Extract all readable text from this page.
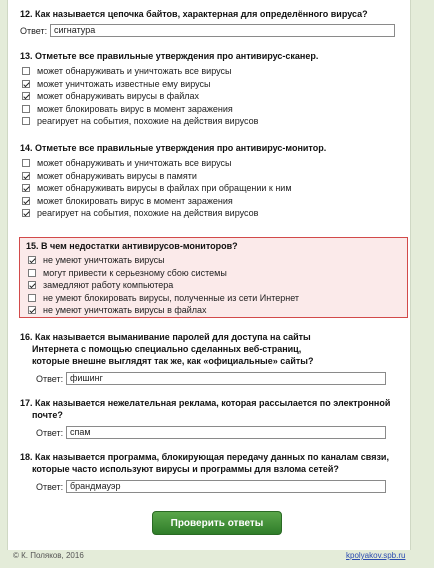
12. Как называется цепочка байтов, характерная для определённого вируса?
Ответ:
сигнатура
13. Отметьте все правильные утверждения про антивирус-сканер.
может обнаруживать и уничтожать все вирусы
может уничтожать известные ему вирусы
может обнаруживать вирусы в файлах
может блокировать вирус в момент заражения
реагирует на события, похожие на действия вирусов
14. Отметьте все правильные утверждения про антивирус-монитор.
может обнаруживать и уничтожать все вирусы
может обнаруживать вирусы в памяти
может обнаруживать вирусы в файлах при обращении к ним
может блокировать вирус в момент заражения
реагирует на события, похожие на действия вирусов
15. В чем недостатки антивирусов-мониторов?
не умеют уничтожать вирусы
могут привести к серьезному сбою системы
замедляют работу компьютера
не умеют блокировать вирусы, полученные из сети Интернет
не умеют уничтожать вирусы в файлах
16. Как называется выманивание паролей для доступа на сайты
Интернета с помощью специально сделанных веб-страниц,
которые внешне выглядят так же, как «официальные» сайты?
Ответ:
фишинг
17. Как называется нежелательная реклама, которая рассылается по электронной
почте?
Ответ:
спам
18. Как называется программа, блокирующая передачу данных по каналам связи,
которые часто используют вирусы и программы для взлома сетей?
Ответ:
брандмауэр
Проверить ответы
© К. Поляков, 2016	kpolyakov.spb.ru
